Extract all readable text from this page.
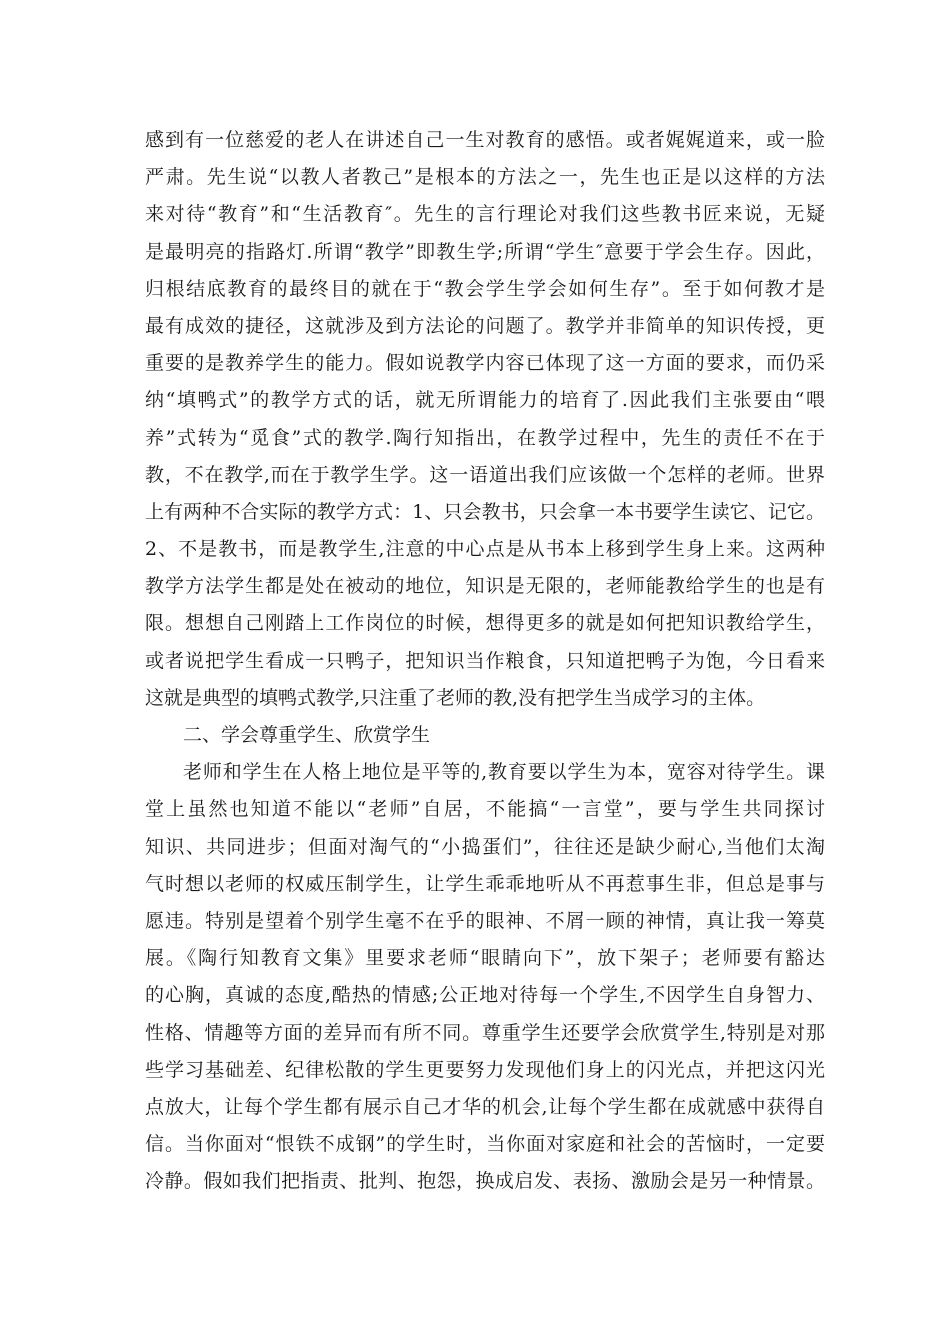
感到有一位慈爱的老人在讲述自己一生对教育的感悟。或者娓娓道来，或一脸
严肃。先生说“以教人者教己”是根本的方法之一，先生也正是以这样的方法
来对待“教育”和“生活教育″。先生的言行理论对我们这些教书匠来说，无疑
是最明亮的指路灯.所谓“教学”即教生学;所谓“学生″意要于学会生存。因此，
归根结底教育的最终目的就在于“教会学生学会如何生存”。至于如何教才是
最有成效的捷径，这就涉及到方法论的问题了。教学并非简单的知识传授，更
重要的是教养学生的能力。假如说教学内容已体现了这一方面的要求，而仍采
纳“填鸭式”的教学方式的话，就无所谓能力的培育了.因此我们主张要由“喂
养”式转为“觅食”式的教学.陶行知指出，在教学过程中，先生的责任不在于
教，不在教学,而在于教学生学。这一语道出我们应该做一个怎样的老师。世界
上有两种不合实际的教学方式：1、只会教书，只会拿一本书要学生读它、记它。
2、不是教书，而是教学生,注意的中心点是从书本上移到学生身上来。这两种
教学方法学生都是处在被动的地位，知识是无限的，老师能教给学生的也是有
限。想想自己刚踏上工作岗位的时候，想得更多的就是如何把知识教给学生，
或者说把学生看成一只鸭子，把知识当作粮食，只知道把鸭子为饱，今日看来
这就是典型的填鸭式教学,只注重了老师的教,没有把学生当成学习的主体。
二、学会尊重学生、欣赏学生
老师和学生在人格上地位是平等的,教育要以学生为本，宽容对待学生。课
堂上虽然也知道不能以“老师”自居，不能搞“一言堂”，要与学生共同探讨
知识、共同进步；但面对淘气的“小捣蛋们”，往往还是缺少耐心,当他们太淘
气时想以老师的权威压制学生，让学生乖乖地听从不再惹事生非，但总是事与
愿违。特别是望着个别学生毫不在乎的眼神、不屑一顾的神情，真让我一筹莫
展。《陶行知教育文集》里要求老师“眼睛向下”，放下架子；老师要有豁达
的心胸，真诚的态度,酷热的情感;公正地对待每一个学生,不因学生自身智力、
性格、情趣等方面的差异而有所不同。尊重学生还要学会欣赏学生,特别是对那
些学习基础差、纪律松散的学生更要努力发现他们身上的闪光点，并把这闪光
点放大，让每个学生都有展示自己才华的机会,让每个学生都在成就感中获得自
信。当你面对“恨铁不成钢”的学生时，当你面对家庭和社会的苦恼时，一定要
冷静。假如我们把指责、批判、抱怨，换成启发、表扬、激励会是另一种情景。
